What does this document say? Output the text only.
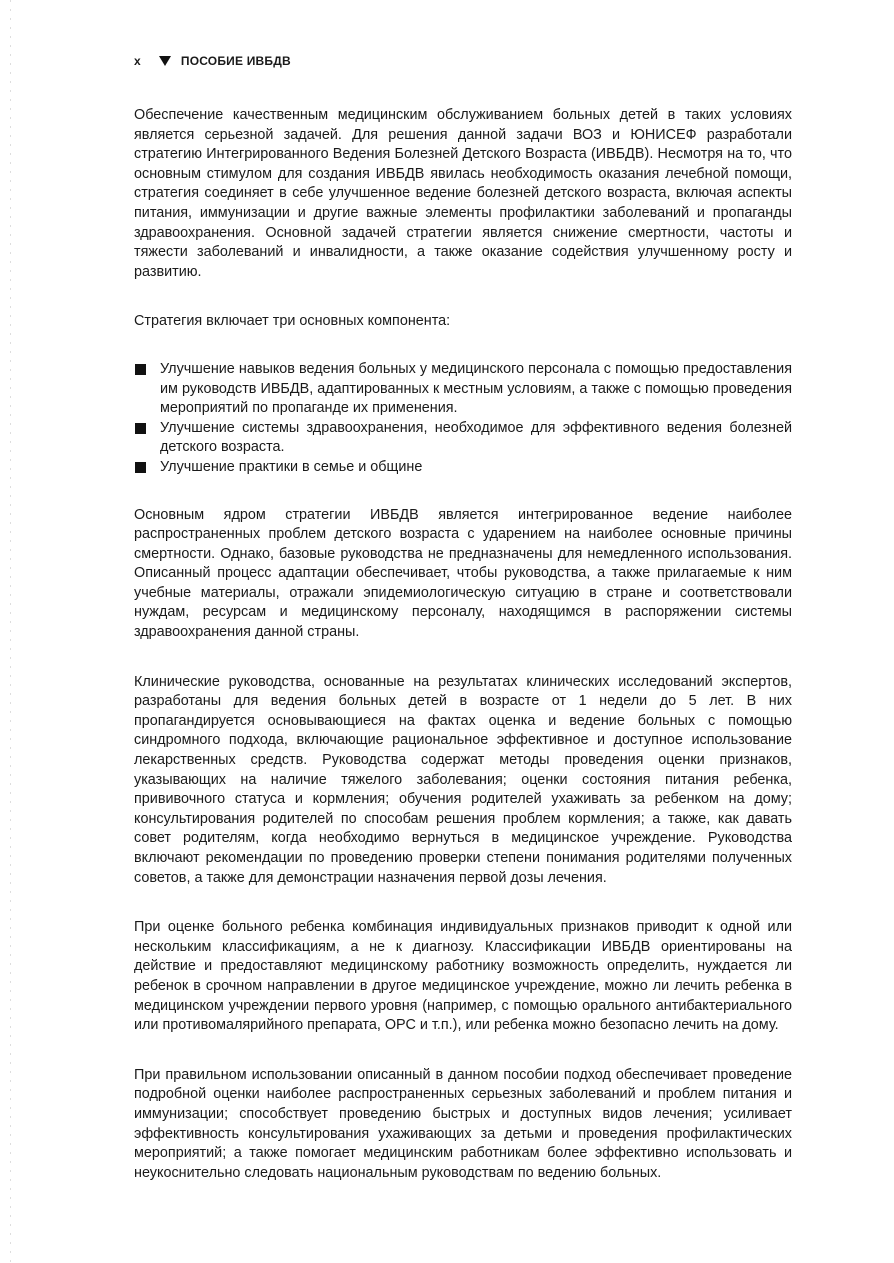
x	ПОСОБИЕ ИВБДВ

Обеспечение качественным медицинским обслуживанием больных детей в таких условиях является серьезной задачей. Для решения данной задачи ВОЗ и ЮНИСЕФ разработали стратегию Интегрированного Ведения Болезней Детского Возраста (ИВБДВ). Несмотря на то, что основным стимулом для создания ИВБДВ явилась необходимость оказания лечебной помощи, стратегия соединяет в себе улучшенное ведение болезней детского возраста, включая аспекты питания, иммунизации и другие важные элементы профилактики заболеваний и пропаганды здравоохранения. Основной задачей стратегии является снижение смертности, частоты и тяжести заболеваний и инвалидности, а также оказание содействия улучшенному росту и развитию.

Стратегия включает три основных компонента:

Улучшение навыков ведения больных у медицинского персонала с помощью предоставления им руководств ИВБДВ, адаптированных к местным условиям, а также с помощью проведения мероприятий по пропаганде их применения.
Улучшение системы здравоохранения, необходимое для эффективного ведения болезней детского возраста.
Улучшение практики в семье и общине

Основным ядром стратегии ИВБДВ является интегрированное ведение наиболее распространенных проблем детского возраста с ударением на наиболее основные причины смертности. Однако, базовые руководства не предназначены для немедленного использования. Описанный процесс адаптации обеспечивает, чтобы руководства, а также прилагаемые к ним учебные материалы, отражали эпидемиологическую ситуацию в стране и соответствовали нуждам, ресурсам и медицинскому персоналу, находящимся в распоряжении системы здравоохранения данной страны.

Клинические руководства, основанные на результатах клинических исследований экспертов, разработаны для ведения больных детей в возрасте от 1 недели до 5 лет. В них пропагандируется основывающиеся на фактах оценка и ведение больных с помощью синдромного подхода, включающие рациональное эффективное и доступное использование лекарственных средств. Руководства содержат методы проведения оценки признаков, указывающих на наличие тяжелого заболевания; оценки состояния питания ребенка, прививочного статуса и кормления; обучения родителей ухаживать за ребенком на дому; консультирования родителей по способам решения проблем кормления; а также, как давать совет родителям, когда необходимо вернуться в медицинское учреждение. Руководства включают рекомендации по проведению проверки степени понимания родителями полученных советов, а также для демонстрации назначения первой дозы лечения.

При оценке больного ребенка комбинация индивидуальных признаков приводит к одной или нескольким классификациям, а не к диагнозу. Классификации ИВБДВ ориентированы на действие и предоставляют медицинскому работнику возможность определить, нуждается ли ребенок в срочном направлении в другое медицинское учреждение, можно ли лечить ребенка в медицинском учреждении первого уровня (например, с помощью орального антибактериального или противомалярийного препарата, ОРС и т.п.), или ребенка можно безопасно лечить на дому.

При правильном использовании описанный в данном пособии подход обеспечивает проведение подробной оценки наиболее распространенных серьезных заболеваний и проблем питания и иммунизации; способствует проведению быстрых и доступных видов лечения; усиливает эффективность консультирования ухаживающих за детьми и проведения профилактических мероприятий; а также помогает медицинским работникам более эффективно использовать и неукоснительно следовать национальным руководствам по ведению больных.
